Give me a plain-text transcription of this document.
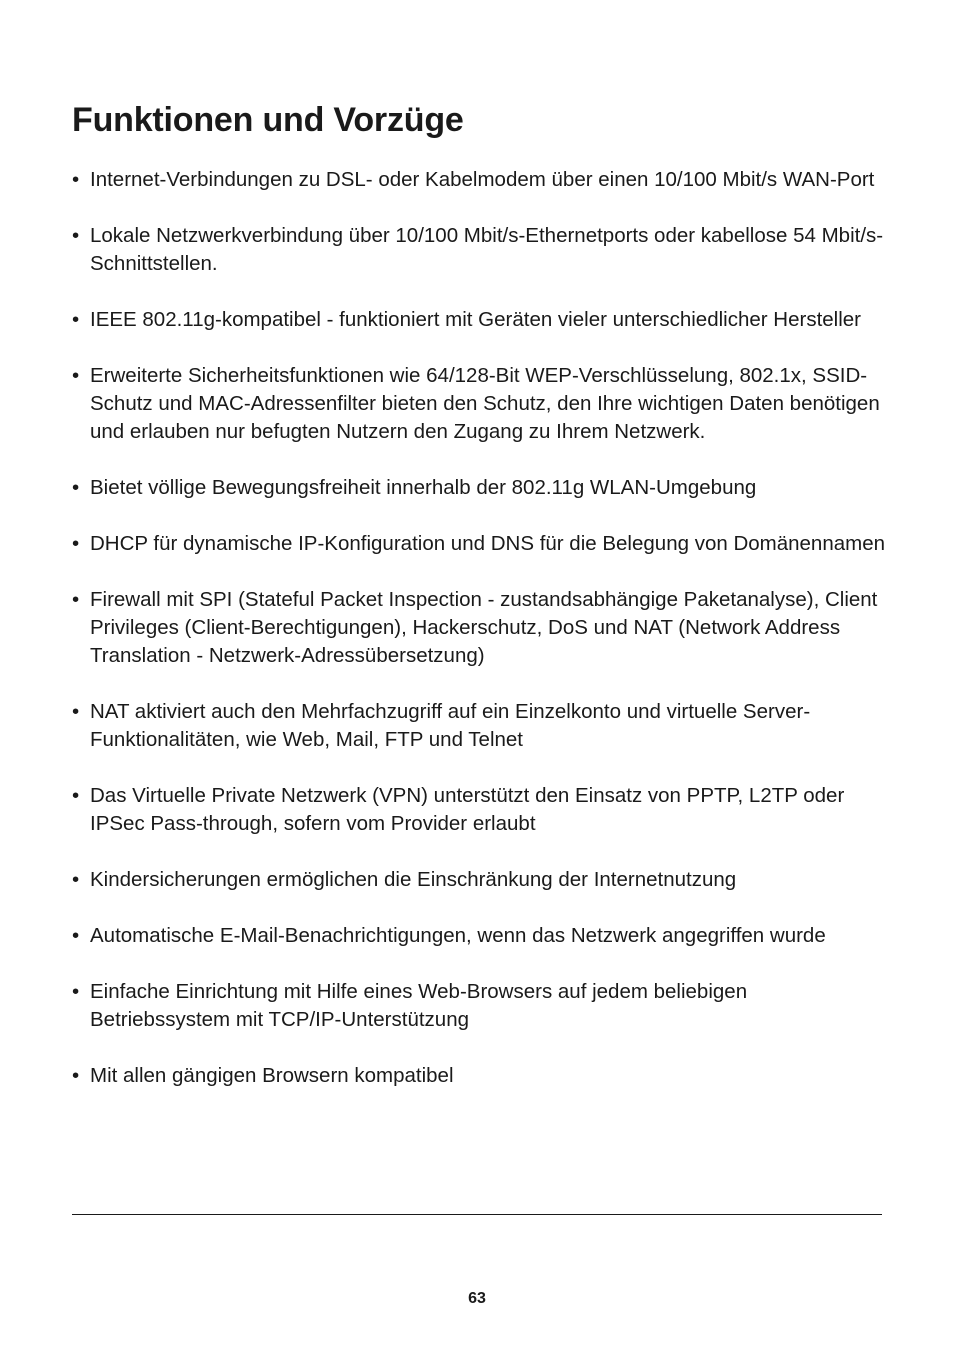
Funktionen und Vorzüge
• Internet-Verbindungen zu DSL- oder Kabelmodem über einen 10/100 Mbit/s WAN-Port
• Lokale Netzwerkverbindung über 10/100 Mbit/s-Ethernetports oder kabellose 54 Mbit/s-Schnittstellen.
• IEEE 802.11g-kompatibel - funktioniert mit Geräten vieler unterschiedlicher Hersteller
• Erweiterte Sicherheitsfunktionen wie 64/128-Bit WEP-Verschlüsselung, 802.1x, SSID-Schutz und MAC-Adressenfilter bieten den Schutz, den Ihre wichtigen Daten benötigen und erlauben nur befugten Nutzern den Zugang zu Ihrem Netzwerk.
• Bietet völlige Bewegungsfreiheit innerhalb der 802.11g WLAN-Umgebung
• DHCP für dynamische IP-Konfiguration und DNS für die Belegung von Domänennamen
• Firewall mit SPI (Stateful Packet Inspection - zustandsabhängige Paketanalyse), Client Privileges (Client-Berechtigungen), Hackerschutz, DoS und NAT (Network Address Translation - Netzwerk-Adressübersetzung)
• NAT aktiviert auch den Mehrfachzugriff auf ein Einzelkonto und virtuelle Server-Funktionalitäten, wie Web, Mail, FTP und Telnet
• Das Virtuelle Private Netzwerk (VPN) unterstützt den Einsatz von PPTP, L2TP oder IPSec Pass-through, sofern vom Provider erlaubt
• Kindersicherungen ermöglichen die Einschränkung der Internetnutzung
• Automatische E-Mail-Benachrichtigungen, wenn das Netzwerk angegriffen wurde
• Einfache Einrichtung mit Hilfe eines Web-Browsers auf jedem beliebigen Betriebssystem mit TCP/IP-Unterstützung
• Mit allen gängigen Browsern kompatibel
63
